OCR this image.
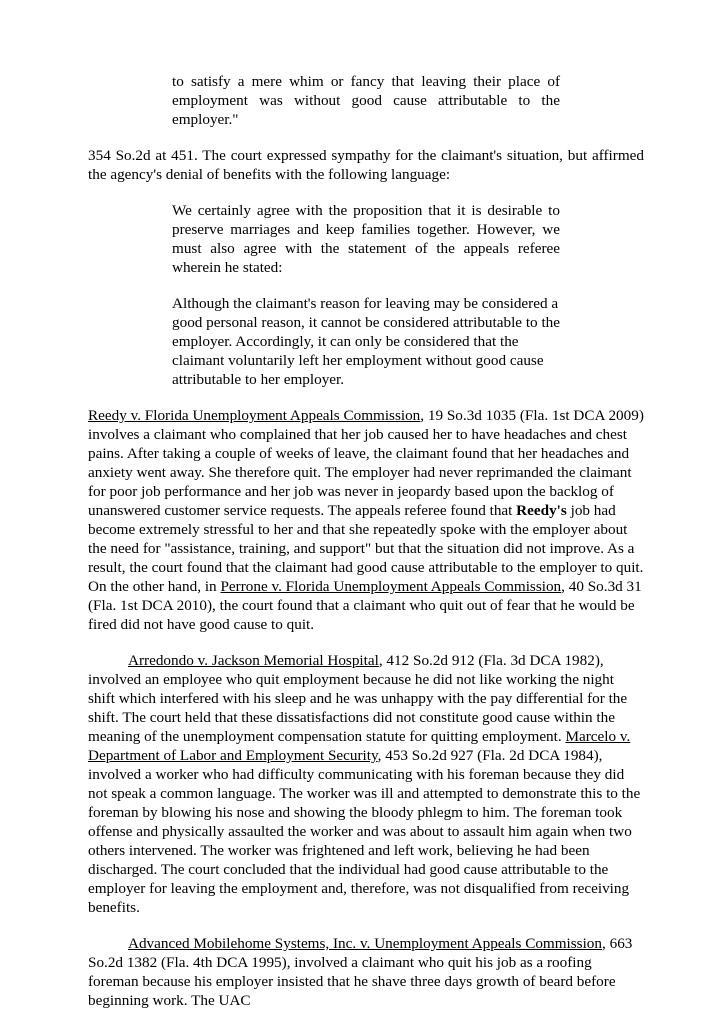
to satisfy a mere whim or fancy that leaving their place of employment was without good cause attributable to the employer."
354 So.2d at 451. The court expressed sympathy for the claimant's situation, but affirmed the agency's denial of benefits with the following language:
We certainly agree with the proposition that it is desirable to preserve marriages and keep families together. However, we must also agree with the statement of the appeals referee wherein he stated:
Although the claimant's reason for leaving may be considered a good personal reason, it cannot be considered attributable to the employer. Accordingly, it can only be considered that the claimant voluntarily left her employment without good cause attributable to her employer.
Reedy v. Florida Unemployment Appeals Commission, 19 So.3d 1035 (Fla. 1st DCA 2009) involves a claimant who complained that her job caused her to have headaches and chest pains. After taking a couple of weeks of leave, the claimant found that her headaches and anxiety went away. She therefore quit. The employer had never reprimanded the claimant for poor job performance and her job was never in jeopardy based upon the backlog of unanswered customer service requests. The appeals referee found that Reedy's job had become extremely stressful to her and that she repeatedly spoke with the employer about the need for "assistance, training, and support" but that the situation did not improve. As a result, the court found that the claimant had good cause attributable to the employer to quit. On the other hand, in Perrone v. Florida Unemployment Appeals Commission, 40 So.3d 31 (Fla. 1st DCA 2010), the court found that a claimant who quit out of fear that he would be fired did not have good cause to quit.
Arredondo v. Jackson Memorial Hospital, 412 So.2d 912 (Fla. 3d DCA 1982), involved an employee who quit employment because he did not like working the night shift which interfered with his sleep and he was unhappy with the pay differential for the shift. The court held that these dissatisfactions did not constitute good cause within the meaning of the unemployment compensation statute for quitting employment. Marcelo v. Department of Labor and Employment Security, 453 So.2d 927 (Fla. 2d DCA 1984), involved a worker who had difficulty communicating with his foreman because they did not speak a common language. The worker was ill and attempted to demonstrate this to the foreman by blowing his nose and showing the bloody phlegm to him. The foreman took offense and physically assaulted the worker and was about to assault him again when two others intervened. The worker was frightened and left work, believing he had been discharged. The court concluded that the individual had good cause attributable to the employer for leaving the employment and, therefore, was not disqualified from receiving benefits.
Advanced Mobilehome Systems, Inc. v. Unemployment Appeals Commission, 663 So.2d 1382 (Fla. 4th DCA 1995), involved a claimant who quit his job as a roofing foreman because his employer insisted that he shave three days growth of beard before beginning work. The UAC
